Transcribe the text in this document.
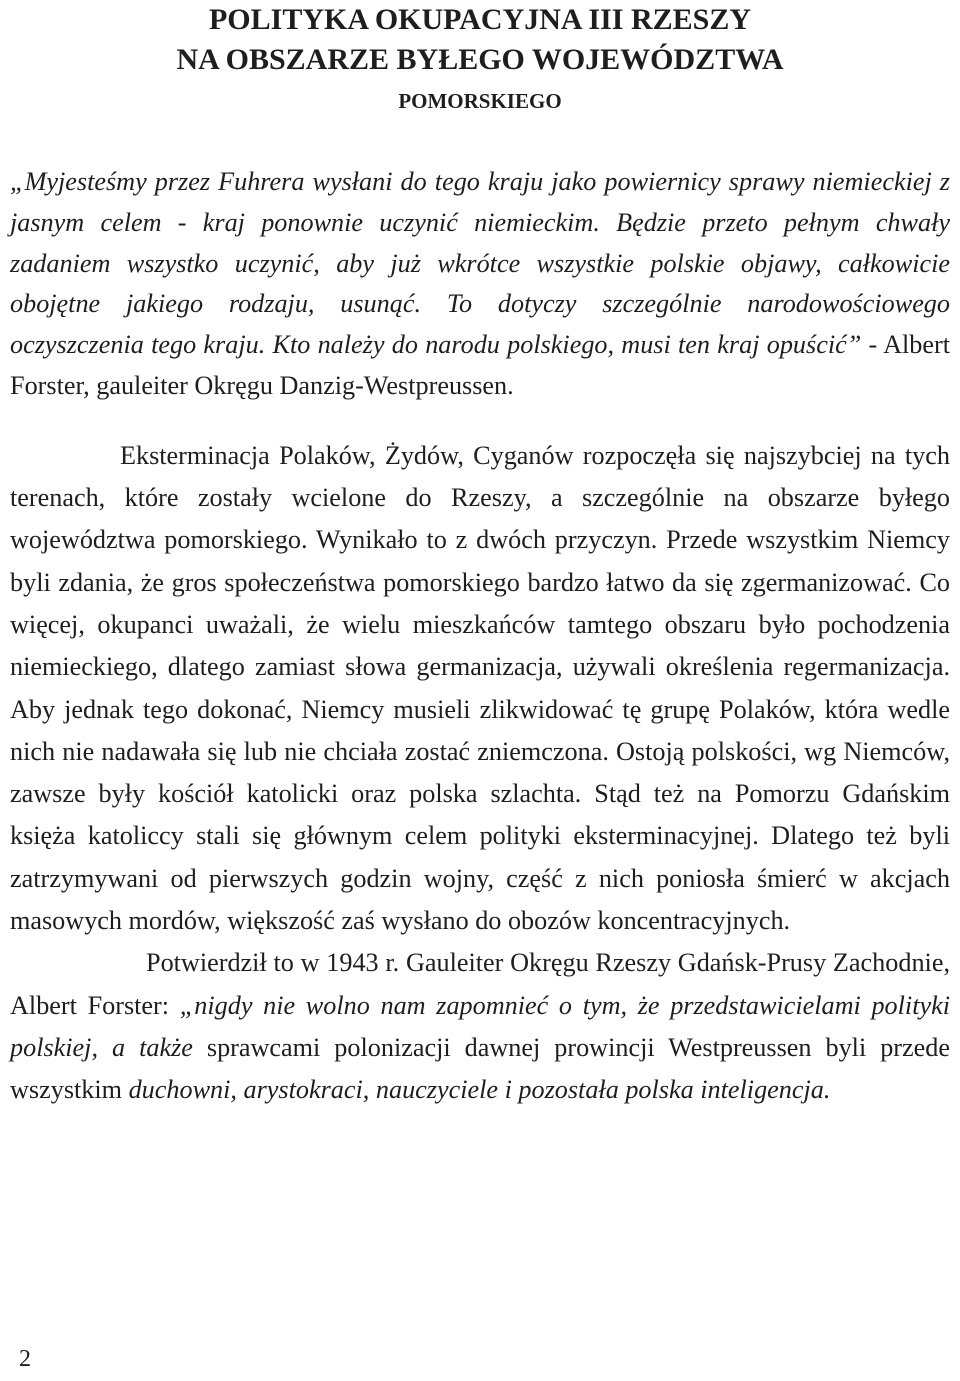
POLITYKA OKUPACYJNA III RZESZY
NA OBSZARZE BYŁEGO WOJEWÓDZTWA
POMORSKIEGO

„Myjesteśmy przez Fuhrera wysłani do tego kraju jako powiernicy sprawy niemieckiej z jasnym celem - kraj ponownie uczynić niemieckim. Będzie przeto pełnym chwały zadaniem wszystko uczynić, aby już wkrótce wszystkie polskie objawy, całkowicie obojętne jakiego rodzaju, usunąć. To dotyczy szczególnie narodowościowego oczyszczenia tego kraju. Kto należy do narodu polskiego, musi ten kraj opuścić” - Albert Forster, gauleiter Okręgu Danzig-Westpreussen.

Eksterminacja Polaków, Żydów, Cyganów rozpoczęła się najszybciej na tych terenach, które zostały wcielone do Rzeszy, a szczególnie na obszarze byłego województwa pomorskiego. Wynikało to z dwóch przyczyn. Przede wszystkim Niemcy byli zdania, że gros społeczeństwa pomorskiego bardzo łatwo da się zgermanizować. Co więcej, okupanci uważali, że wielu mieszkańców tamtego obszaru było pochodzenia niemieckiego, dlatego zamiast słowa germanizacja, używali określenia regermanizacja. Aby jednak tego dokonać, Niemcy musieli zlikwidować tę grupę Polaków, która wedle nich nie nadawała się lub nie chciała zostać zniemczona. Ostoją polskości, wg Niemców, zawsze były kościół katolicki oraz polska szlachta. Stąd też na Pomorzu Gdańskim księża katoliccy stali się głównym celem polityki eksterminacyjnej. Dlatego też byli zatrzymywani od pierwszych godzin wojny, część z nich poniosła śmierć w akcjach masowych mordów, większość zaś wysłano do obozów koncentracyjnych.

Potwierdził to w 1943 r. Gauleiter Okręgu Rzeszy Gdańsk-Prusy Zachodnie, Albert Forster: „nigdy nie wolno nam zapomnieć o tym, że przedstawicielami polityki polskiej, a także sprawcami polonizacji dawnej prowincji Westpreussen byli przede wszystkim duchowni, arystokraci, nauczyciele i pozostała polska inteligencja.

2
